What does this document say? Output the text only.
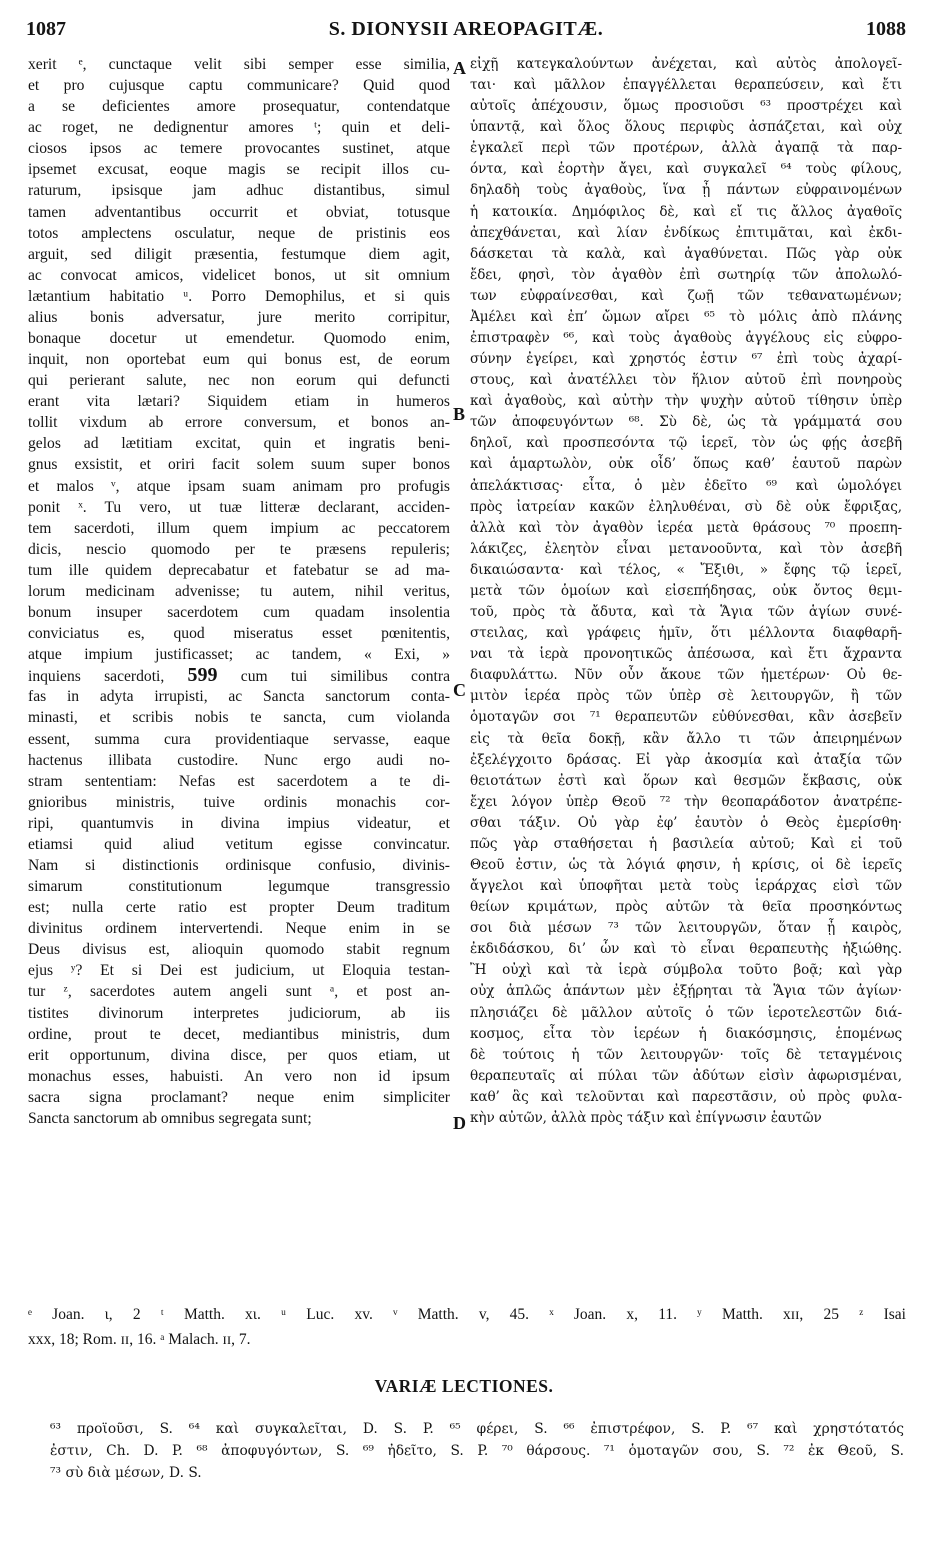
1087	S. DIONYSII AREOPAGITÆ.	1088
xerit ᵉ, cunctaque velit sibi semper esse similia,
et pro cujusque captu communicare? Quid quod
a se deficientes amore prosequatur, contendatque
ac roget, ne dedignentur amores ᵗ; quin et deli-
ciosos ipsos ac temere provocantes sustinet, atque
ipsemet excusat, eoque magis se recipit illos cu-
raturum, ipsisque jam adhuc distantibus, simul
tamen adventantibus occurrit et obviat, totusque
totos amplectens osculatur, neque de pristinis eos
arguit, sed diligit præsentia, festumque diem agit,
ac convocat amicos, videlicet bonos, ut sit omnium
lætantium habitatio ᵘ. Porro Demophilus, et si quis
alius bonis adversatur, jure merito corripitur,
bonaque docetur ut emendetur. Quomodo enim,
inquit, non oportebat eum qui bonus est, de eorum
qui perierant salute, nec non eorum qui defuncti
erant vita lætari? Siquidem etiam in humeros
tollit vixdum ab errore conversum, et bonos an-
gelos ad lætitiam excitat, quin et ingratis beni-
gnus exsistit, et oriri facit solem suum super bonos
et malos ᵛ, atque ipsam suam animam pro profugis
ponit ˣ. Tu vero, ut tuæ litteræ declarant, acciden-
tem sacerdoti, illum quem impium ac peccatorem
dicis, nescio quomodo per te præsens repuleris;
tum ille quidem deprecabatur et fatebatur se ad ma-
lorum medicinam advenisse; tu autem, nihil veritus,
bonum insuper sacerdotem cum quadam insolentia
conviciatus es, quod miseratus esset pœnitentis,
atque impium justificasset; ac tandem, « Exi, »
inquiens sacerdoti, 599 cum tui similibus contra
fas in adyta irrupisti, ac Sancta sanctorum conta-
minasti, et scribis nobis te sancta, cum violanda
essent, summa cura providentiaque servasse, eaque
hactenus illibata custodire. Nunc ergo audi no-
stram sententiam: Nefas est sacerdotem a te di-
gnioribus ministris, tuive ordinis monachis cor-
ripi, quantumvis in divina impius videatur, et
etiamsi quid aliud vetitum egisse convincatur.
Nam si distinctionis ordinisque confusio, divinis-
simarum constitutionum legumque transgressio
est; nulla certe ratio est propter Deum traditum
divinitus ordinem intervertendi. Neque enim in se
Deus divisus est, alioquin quomodo stabit regnum
ejus ʸ? Et si Dei est judicium, ut Eloquia testan-
tur ᶻ, sacerdotes autem angeli sunt ᵃ, et post an-
tistites divinorum interpretes judiciorum, ab iis
ordine, prout te decet, mediantibus ministris, dum
erit opportunum, divina disce, per quos etiam, ut
monachus esses, habuisti. An vero non id ipsum
sacra signa proclamant? neque enim simpliciter
Sancta sanctorum ab omnibus segregata sunt;
A
B
C
D
εἰχῇ κατεγκαλούντων ἀνέχεται, καὶ αὐτὸς ἀπολογεῖ-
ται· καὶ μᾶλλον ἐπαγγέλλεται θεραπεύσειν, καὶ ἔτι
αὐτοῖς ἀπέχουσιν, ὅμως προσιοῦσι ⁶³ προστρέχει καὶ
ὑπαντᾷ, καὶ ὅλος ὅλους περιφὺς ἀσπάζεται, καὶ οὐχ
ἐγκαλεῖ περὶ τῶν προτέρων, ἀλλὰ ἀγαπᾷ τὰ παρ-
όντα, καὶ ἑορτὴν ἄγει, καὶ συγκαλεῖ ⁶⁴ τοὺς φίλους,
δηλαδὴ τοὺς ἀγαθοὺς, ἵνα ᾖ πάντων εὐφραινομένων
ἡ κατοικία. Δημόφιλος δὲ, καὶ εἴ τις ἄλλος ἀγαθοῖς
ἀπεχθάνεται, καὶ λίαν ἐνδίκως ἐπιτιμᾶται, καὶ ἐκδι-
δάσκεται τὰ καλὰ, καὶ ἀγαθύνεται. Πῶς γὰρ οὐκ
ἔδει, φησὶ, τὸν ἀγαθὸν ἐπὶ σωτηρίᾳ τῶν ἀπολωλό-
των εὐφραίνεσθαι, καὶ ζωῇ τῶν τεθανατωμένων;
Ἀμέλει καὶ ἐπ’ ὤμων αἴρει ⁶⁵ τὸ μόλις ἀπὸ πλάνης
ἐπιστραφὲν ⁶⁶, καὶ τοὺς ἀγαθοὺς ἀγγέλους εἰς εὐφρο-
σύνην ἐγείρει, καὶ χρηστός ἐστιν ⁶⁷ ἐπὶ τοὺς ἀχαρί-
στους, καὶ ἀνατέλλει τὸν ἥλιον αὐτοῦ ἐπὶ πονηροὺς
καὶ ἀγαθοὺς, καὶ αὐτὴν τὴν ψυχὴν αὐτοῦ τίθησιν ὑπὲρ
τῶν ἀποφευγόντων ⁶⁸. Σὺ δὲ, ὡς τὰ γράμματά σου
δηλοῖ, καὶ προσπεσόντα τῷ ἱερεῖ, τὸν ὡς φῄς ἀσεβῆ
καὶ ἁμαρτωλὸν, οὐκ οἶδ’ ὅπως καθ’ ἑαυτοῦ παρὼν
ἀπελάκτισας· εἶτα, ὁ μὲν ἐδεῖτο ⁶⁹ καὶ ὡμολόγει
πρὸς ἰατρείαν κακῶν ἐληλυθέναι, σὺ δὲ οὐκ ἔφριξας,
ἀλλὰ καὶ τὸν ἀγαθὸν ἱερέα μετὰ θράσους ⁷⁰ προεπη-
λάκιζες, ἐλεητὸν εἶναι μετανοοῦντα, καὶ τὸν ἀσεβῆ
δικαιώσαντα· καὶ τέλος, « Ἔξιθι, » ἔφης τῷ ἱερεῖ,
μετὰ τῶν ὁμοίων καὶ εἰσεπήδησας, οὐκ ὄντος θεμι-
τοῦ, πρὸς τὰ ἄδυτα, καὶ τὰ Ἅγια τῶν ἁγίων συνέ-
στειλας, καὶ γράφεις ἡμῖν, ὅτι μέλλοντα διαφθαρῆ-
ναι τὰ ἱερὰ προνοητικῶς ἀπέσωσα, καὶ ἔτι ἄχραντα
διαφυλάττω. Νῦν οὖν ἄκουε τῶν ἡμετέρων· Οὐ θε-
μιτὸν ἱερέα πρὸς τῶν ὑπὲρ σὲ λειτουργῶν, ἢ τῶν
ὁμοταγῶν σοι ⁷¹ θεραπευτῶν εὐθύνεσθαι, κἂν ἀσεβεῖν
εἰς τὰ θεῖα δοκῇ, κἂν ἄλλο τι τῶν ἀπειρημένων
ἐξελέγχοιτο δράσας. Εἰ γὰρ ἀκοσμία καὶ ἀταξία τῶν
θειοτάτων ἐστὶ καὶ ὅρων καὶ θεσμῶν ἔκβασις, οὐκ
ἔχει λόγον ὑπὲρ Θεοῦ ⁷² τὴν θεοπαράδοτον ἀνατρέπε-
σθαι τάξιν. Οὐ γὰρ ἐφ’ ἑαυτὸν ὁ Θεὸς ἐμερίσθη·
πῶς γὰρ σταθήσεται ἡ βασιλεία αὐτοῦ; Καὶ εἰ τοῦ
Θεοῦ ἐστιν, ὡς τὰ λόγιά φησιν, ἡ κρίσις, οἱ δὲ ἱερεῖς
ἄγγελοι καὶ ὑποφῆται μετὰ τοὺς ἱεράρχας εἰσὶ τῶν
θείων κριμάτων, πρὸς αὐτῶν τὰ θεῖα προσηκόντως
σοι διὰ μέσων ⁷³ τῶν λειτουργῶν, ὅταν ᾖ καιρὸς,
ἐκδιδάσκου, δι’ ὧν καὶ τὸ εἶναι θεραπευτὴς ἠξιώθης.
Ἢ οὐχὶ καὶ τὰ ἱερὰ σύμβολα τοῦτο βοᾷ; καὶ γὰρ
οὐχ ἁπλῶς ἁπάντων μὲν ἐξῄρηται τὰ Ἅγια τῶν ἁγίων·
πλησιάζει δὲ μᾶλλον αὐτοῖς ὁ τῶν ἱεροτελεστῶν διά-
κοσμος, εἶτα τὸν ἱερέων ἡ διακόσμησις, ἑπομένως
δὲ τούτοις ἡ τῶν λειτουργῶν· τοῖς δὲ τεταγμένοις
θεραπευταῖς αἱ πύλαι τῶν ἀδύτων εἰσὶν ἀφωρισμέναι,
καθ’ ἃς καὶ τελοῦνται καὶ παρεστᾶσιν, οὐ πρὸς φυλα-
κὴν αὐτῶν, ἀλλὰ πρὸς τάξιν καὶ ἐπίγνωσιν ἑαυτῶν
ᵉ Joan. ι, 2 ᵗ Matth. xι. ᵘ Luc. xv. ᵛ Matth. v, 45. ˣ Joan. x, 11. ʸ Matth. xɪɪ, 25 ᶻ Isai
xxx, 18; Rom. ɪɪ, 16. ᵃ Malach. ɪɪ, 7.
VARIÆ LECTIONES.
⁶³ προϊοῦσι, S. ⁶⁴ καὶ συγκαλεῖται, D. S. P. ⁶⁵ φέρει, S. ⁶⁶ ἐπιστρέφον, S. P. ⁶⁷ καὶ χρηστότατός
ἐστιν, Ch. D. P. ⁶⁸ ἀποφυγόντων, S. ⁶⁹ ἠδεῖτο, S. P. ⁷⁰ θάρσους. ⁷¹ ὁμοταγῶν σου, S. ⁷² ἐκ Θεοῦ, S.
⁷³ σὺ διὰ μέσων, D. S.
